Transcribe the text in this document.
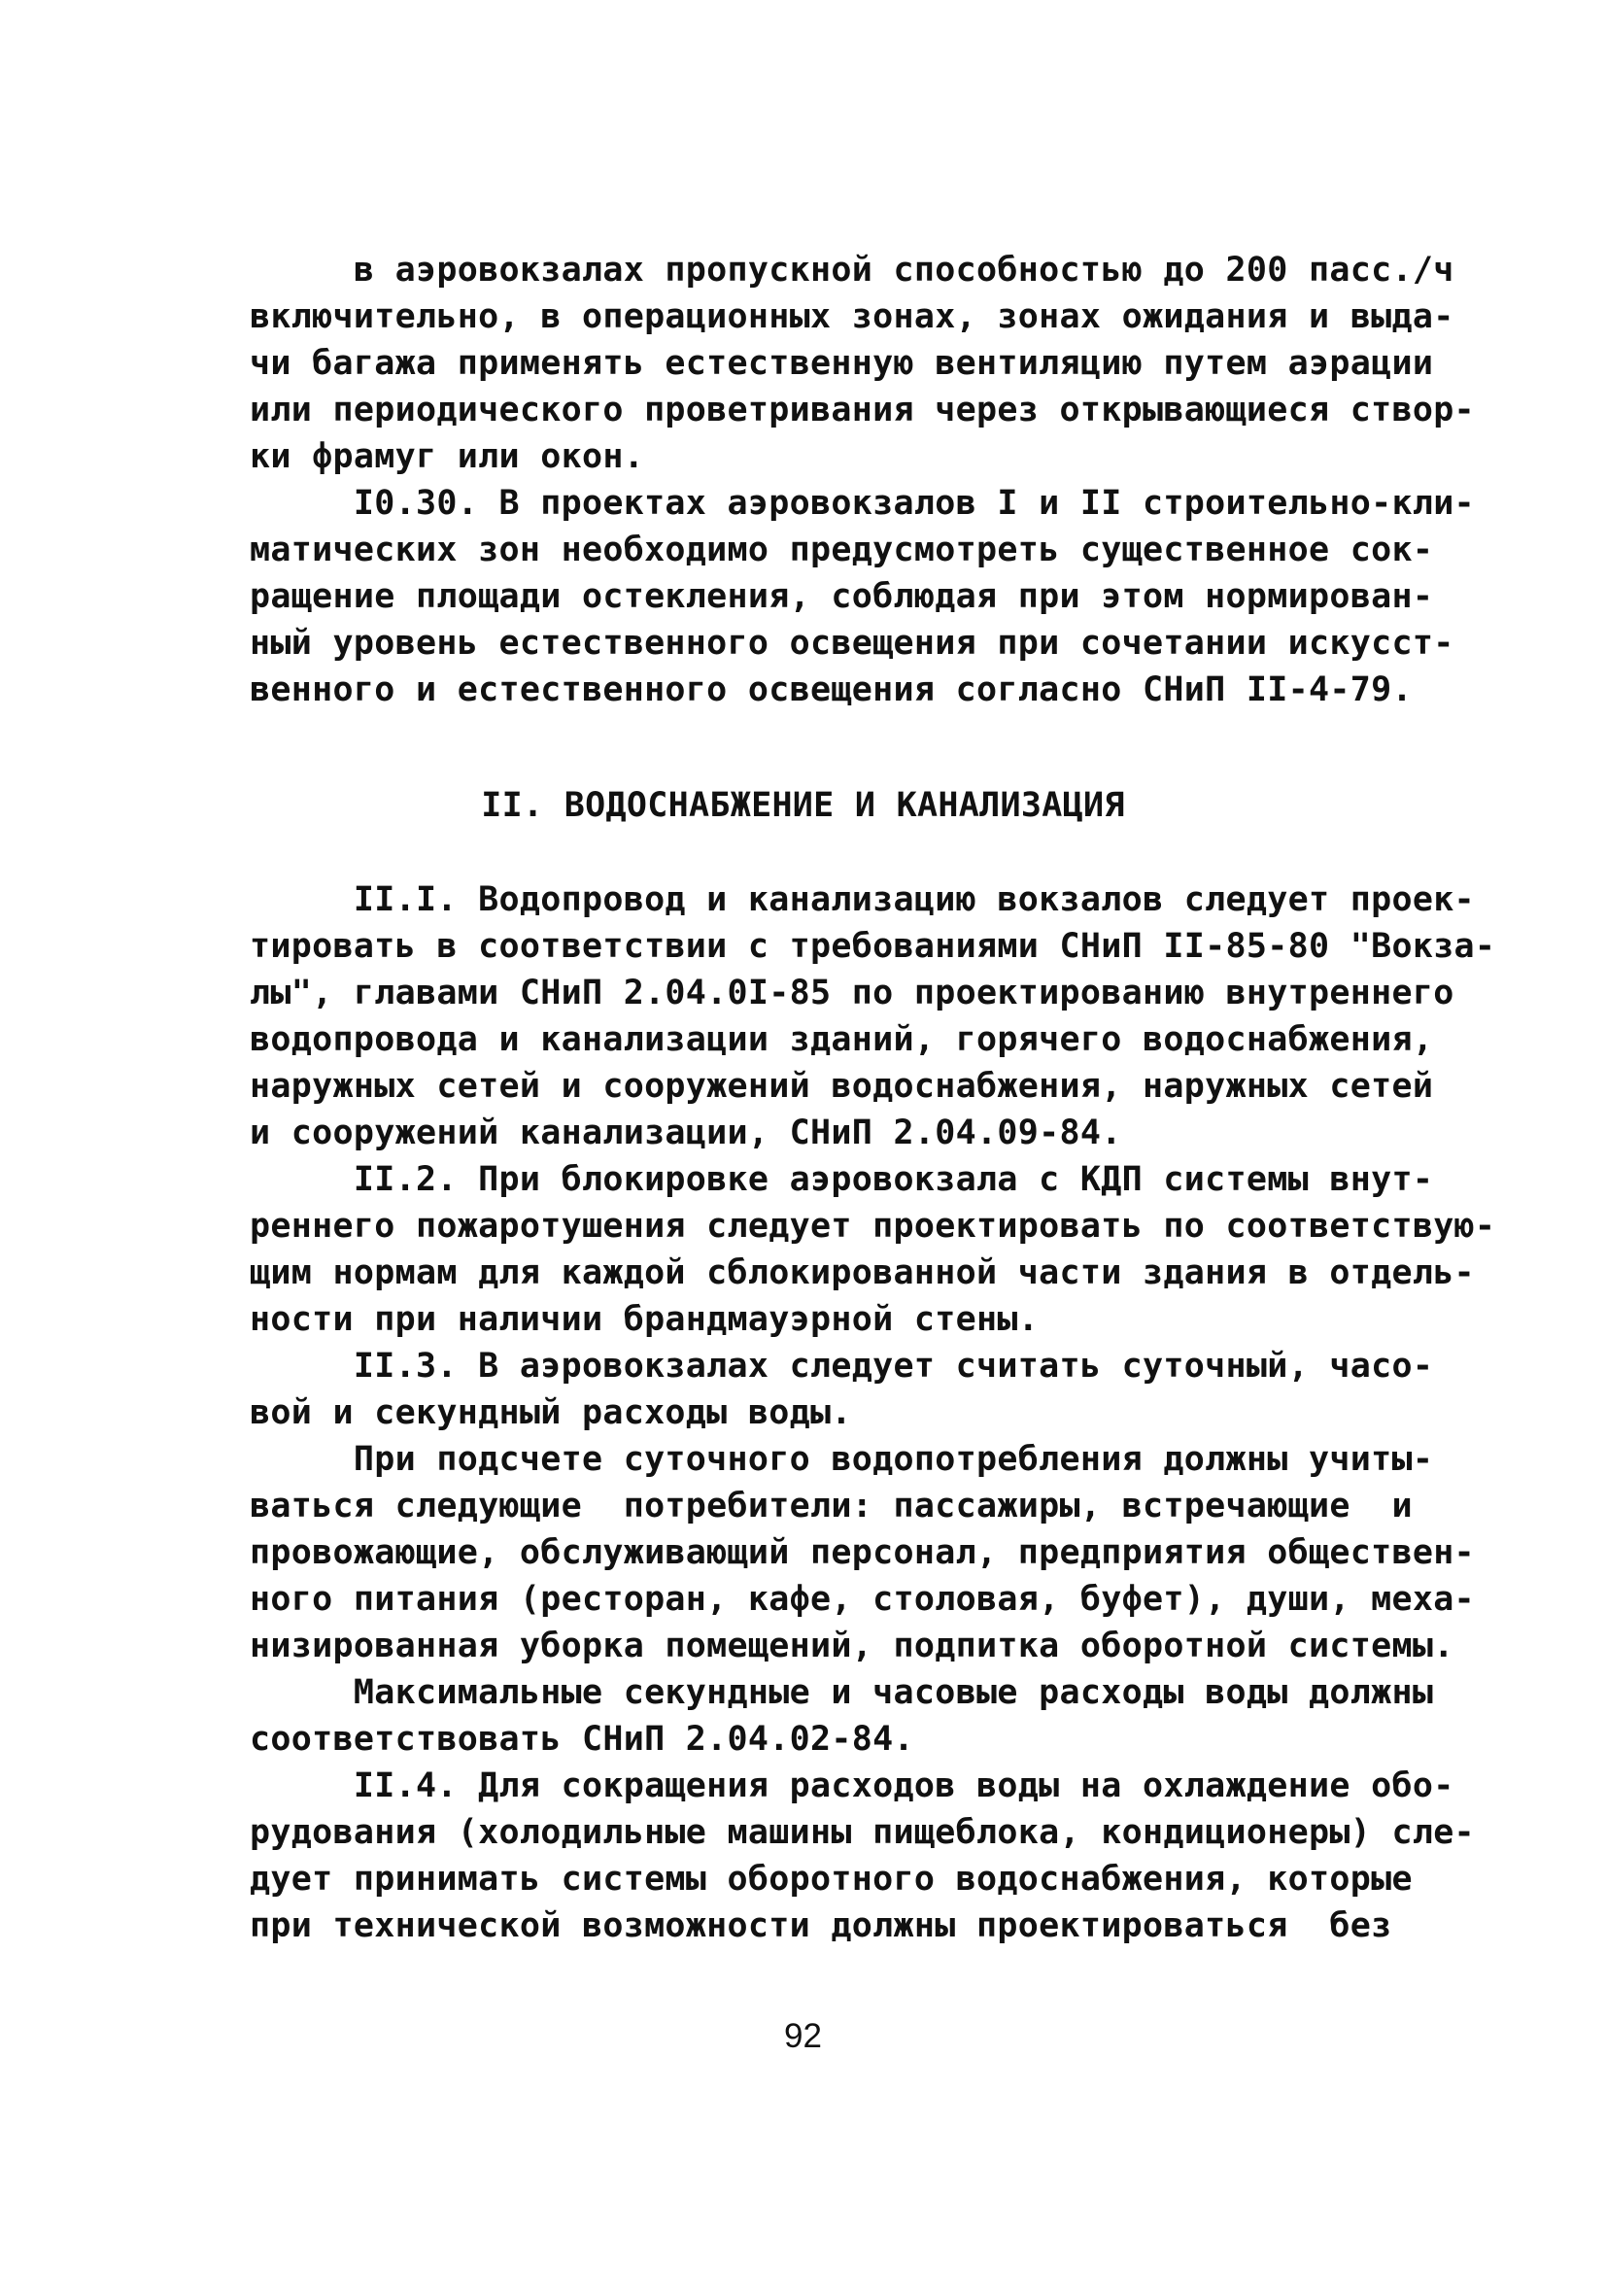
в аэровокзалах пропускной способностью до 200 пасс./ч
включительно, в операционных зонах, зонах ожидания и выда-
чи багажа применять естественную вентиляцию путем аэрации
или периодического проветривания через открывающиеся створ-
ки фрамуг или окон.
I0.30. В проектах аэровокзалов I и II строительно-кли-
матических зон необходимо предусмотреть существенное сок-
ращение площади остекления, соблюдая при этом нормирован-
ный уровень естественного освещения при сочетании искусст-
венного и естественного освещения согласно СНиП II-4-79.
II. ВОДОСНАБЖЕНИЕ И КАНАЛИЗАЦИЯ
II.I. Водопровод и канализацию вокзалов следует проек-
тировать в соответствии с требованиями СНиП II-85-80 "Вокза-
лы", главами СНиП 2.04.0I-85 по проектированию внутреннего
водопровода и канализации зданий, горячего водоснабжения,
наружных сетей и сооружений водоснабжения, наружных сетей
и сооружений канализации, СНиП 2.04.09-84.
II.2. При блокировке аэровокзала с КДП системы внут-
реннего пожаротушения следует проектировать по соответствую-
щим нормам для каждой сблокированной части здания в отдель-
ности при наличии брандмауэрной стены.
II.3. В аэровокзалах следует считать суточный, часо-
вой и секундный расходы воды.
При подсчете суточного водопотребления должны учиты-
ваться следующие  потребители: пассажиры, встречающие  и
провожающие, обслуживающий персонал, предприятия обществен-
ного питания (ресторан, кафе, столовая, буфет), души, меха-
низированная уборка помещений, подпитка оборотной системы.
Максимальные секундные и часовые расходы воды должны
соответствовать СНиП 2.04.02-84.
II.4. Для сокращения расходов воды на охлаждение обо-
рудования (холодильные машины пищеблока, кондиционеры) сле-
дует принимать системы оборотного водоснабжения, которые
при технической возможности должны проектироваться  без
92
